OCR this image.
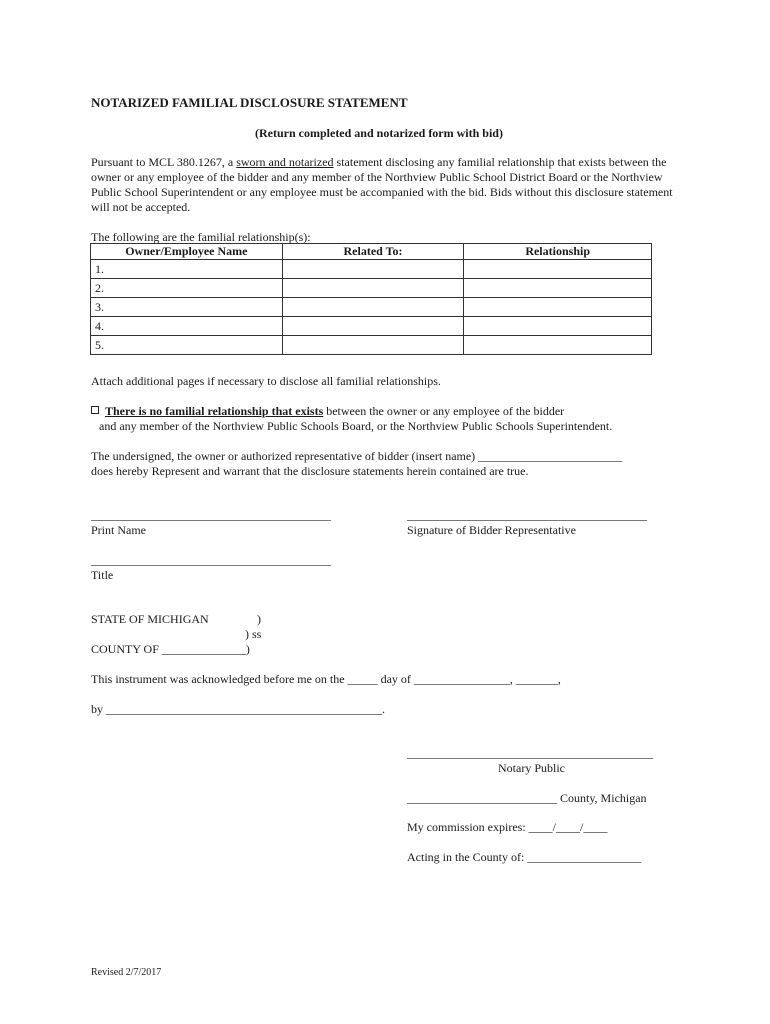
NOTARIZED FAMILIAL DISCLOSURE STATEMENT
(Return completed and notarized form with bid)
Pursuant to MCL 380.1267, a sworn and notarized statement disclosing any familial relationship that exists between the owner or any employee of the bidder and any member of the Northview Public School District Board or the Northview Public School Superintendent or any employee must be accompanied with the bid. Bids without this disclosure statement will not be accepted.
The following are the familial relationship(s):
Owner/Employee Name	Related To:	Relationship
1.		
2.		
3.		
4.		
5.		
Attach additional pages if necessary to disclose all familial relationships.
There is no familial relationship that exists between the owner or any employee of the bidder
and any member of the Northview Public Schools Board, or the Northview Public Schools Superintendent.
The undersigned, the owner or authorized representative of bidder (insert name) ________________________
does hereby Represent and warrant that the disclosure statements herein contained are true.
________________________________________
Print Name
________________________________________
Signature of Bidder Representative
________________________________________
Title
STATE OF MICHIGAN	)
) ss
COUNTY OF ______________)
This instrument was acknowledged before me on the _____ day of ________________, _______,
by ______________________________________________.
_________________________________________
Notary Public
_________________________ County, Michigan
My commission expires: ____/____/____
Acting in the County of: ___________________
Revised 2/7/2017
